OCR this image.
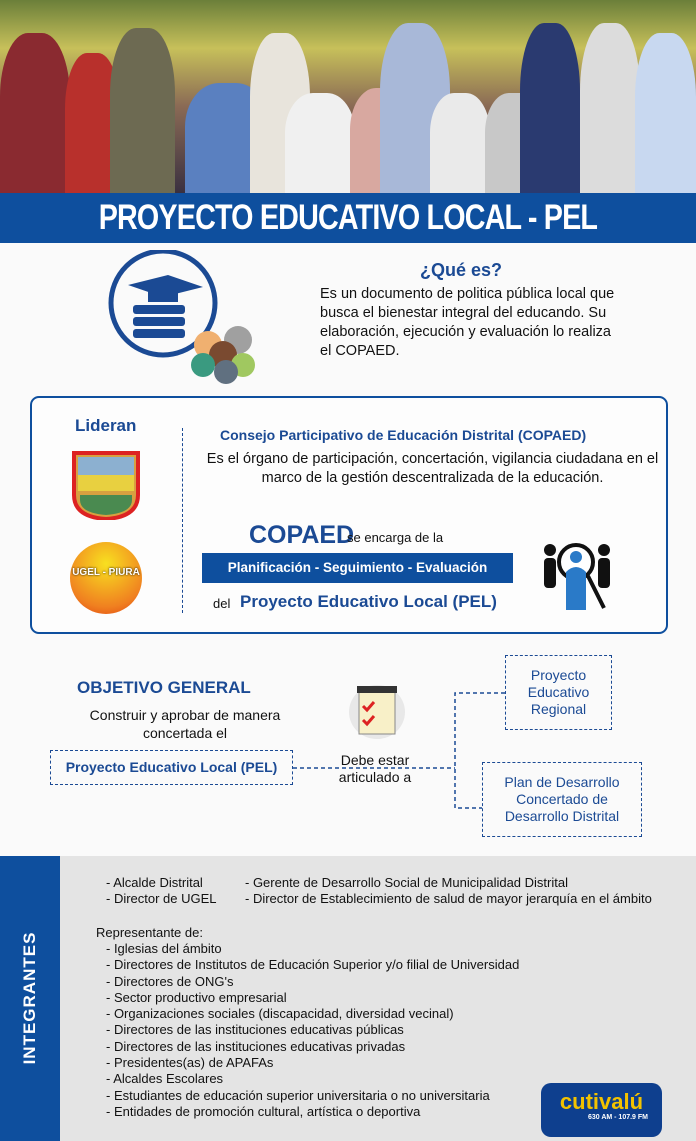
PROYECTO EDUCATIVO LOCAL - PEL
¿Qué es?
Es un documento de politica pública local que busca el bienestar integral del educando. Su elaboración, ejecución y evaluación lo realiza el COPAED.
Lideran
UGEL - PIURA
Consejo Participativo de Educación Distrital (COPAED)
Es el órgano de participación, concertación, vigilancia ciudadana en el marco de la gestión descentralizada de la educación.
COPAED
se encarga de la
Planificación - Seguimiento - Evaluación
del Proyecto Educativo Local (PEL)
OBJETIVO GENERAL
Construir y aprobar de manera concertada el
Proyecto Educativo Local (PEL)	Debe estar articulado a
Proyecto Educativo Regional
Plan de Desarrollo Concertado de Desarrollo Distrital
INTEGRANTES
- Alcalde Distrital
- Director de UGEL
- Gerente de Desarrollo Social de Municipalidad Distrital
- Director de Establecimiento de salud de mayor jerarquía en el ámbito
Representante de:
- Iglesias del ámbito
- Directores de Institutos de Educación Superior y/o filial de Universidad
- Directores de ONG's
- Sector productivo empresarial
- Organizaciones sociales (discapacidad, diversidad vecinal)
- Directores de las instituciones educativas públicas
- Directores de las instituciones educativas privadas
- Presidentes(as) de APAFAs
- Alcaldes Escolares
- Estudiantes de educación superior universitaria o no universitaria
- Entidades de promoción cultural, artística o deportiva	cutivalú
630 AM - 107.9 FM
